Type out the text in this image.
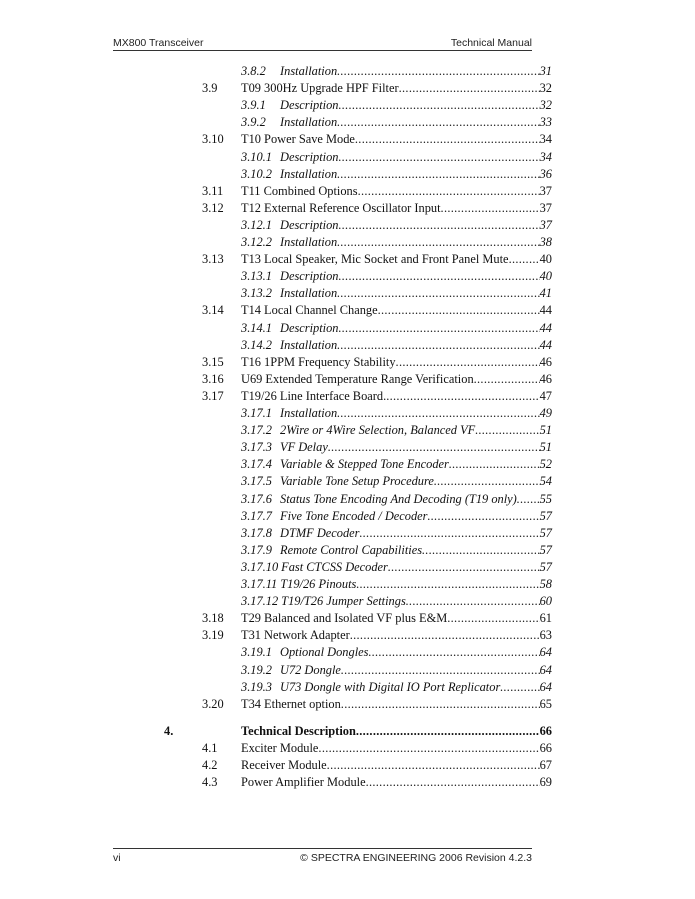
MX800 Transceiver	Technical Manual
3.8.2	Installation .....	31
3.9	T09 300Hz Upgrade HPF Filter .....	32
3.9.1	Description .....	32
3.9.2	Installation .....	33
3.10	T10 Power Save Mode .....	34
3.10.1 Description .....	34
3.10.2 Installation .....	36
3.11	T11 Combined Options .....	37
3.12	T12 External Reference Oscillator Input .....	37
3.12.1 Description .....	37
3.12.2 Installation .....	38
3.13	T13 Local Speaker, Mic Socket and Front Panel Mute .....	40
3.13.1 Description .....	40
3.13.2 Installation .....	41
3.14	T14 Local Channel Change .....	44
3.14.1 Description .....	44
3.14.2 Installation .....	44
3.15	T16 1PPM Frequency Stability .....	46
3.16	U69 Extended Temperature Range Verification .....	46
3.17	T19/26 Line Interface Board. .....	47
3.17.1 Installation .....	49
3.17.2 2Wire or 4Wire Selection, Balanced VF .....	51
3.17.3 VF Delay .....	51
3.17.4 Variable & Stepped Tone Encoder .....	52
3.17.5 Variable Tone Setup Procedure .....	54
3.17.6 Status Tone Encoding And Decoding (T19 only) ..... 55
3.17.7 Five Tone Encoded / Decoder .....	57
3.17.8 DTMF Decoder .....	57
3.17.9 Remote Control Capabilities .....	57
3.17.10 Fast CTCSS Decoder .....	57
3.17.11 T19/26 Pinouts .....	58
3.17.12 T19/T26 Jumper Settings .....	60
3.18	T29 Balanced and Isolated VF plus E&M .....	61
3.19	T31 Network Adapter .....	63
3.19.1 Optional Dongles .....	64
3.19.2 U72 Dongle .....	64
3.19.3 U73 Dongle with Digital IO Port Replicator .....	64
3.20	T34 Ethernet option .....	65
4.	Technical Description .....	66
4.1	Exciter Module .....	66
4.2	Receiver Module .....	67
4.3	Power Amplifier Module .....	69
vi	© SPECTRA ENGINEERING 2006 Revision 4.2.3
